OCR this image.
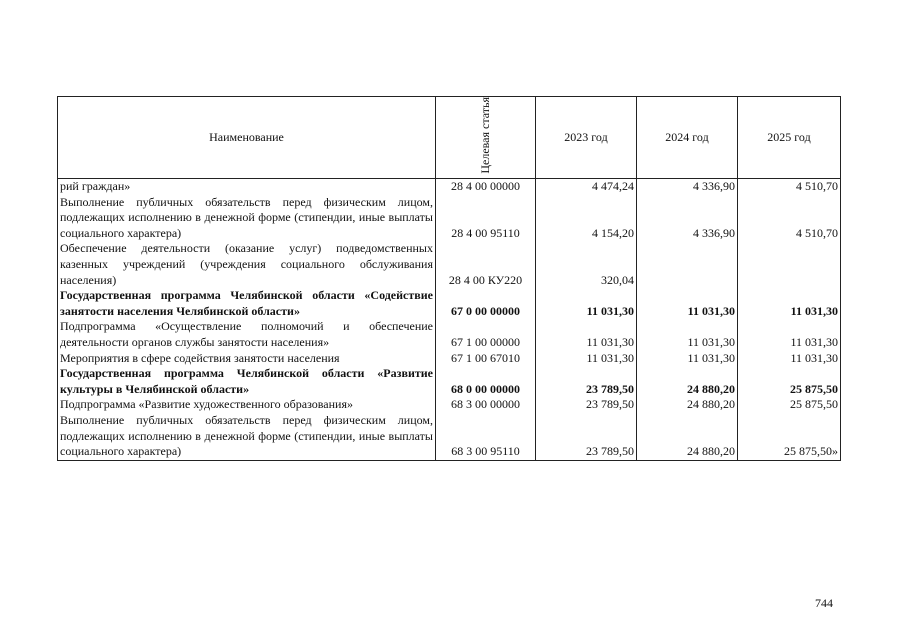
Наименование	Целевая статья	2023 год	2024 год	2025 год
рий граждан»	28 4 00 00000	4 474,24	4 336,90	4 510,70
Выполнение публичных обязательств перед физическим лицом, подлежащих исполнению в денежной форме (стипендии, иные выплаты социального характера)	28 4 00 95110	4 154,20	4 336,90	4 510,70
Обеспечение деятельности (оказание услуг) подведомственных казенных учреждений (учреждения социального обслуживания населения)	28 4 00 КУ220	320,04		
Государственная программа Челябинской области «Содействие занятости населения Челябинской области»	67 0 00 00000	11 031,30	11 031,30	11 031,30
Подпрограмма «Осуществление полномочий и обеспечение деятельности органов службы занятости населения»	67 1 00 00000	11 031,30	11 031,30	11 031,30
Мероприятия в сфере содействия занятости населения	67 1 00 67010	11 031,30	11 031,30	11 031,30
Государственная программа Челябинской области «Развитие культуры в Челябинской области»	68 0 00 00000	23 789,50	24 880,20	25 875,50
Подпрограмма «Развитие художественного образования»	68 3 00 00000	23 789,50	24 880,20	25 875,50
Выполнение публичных обязательств перед физическим лицом, подлежащих исполнению в денежной форме (стипендии, иные выплаты социального характера)	68 3 00 95110	23 789,50	24 880,20	25 875,50»
744
